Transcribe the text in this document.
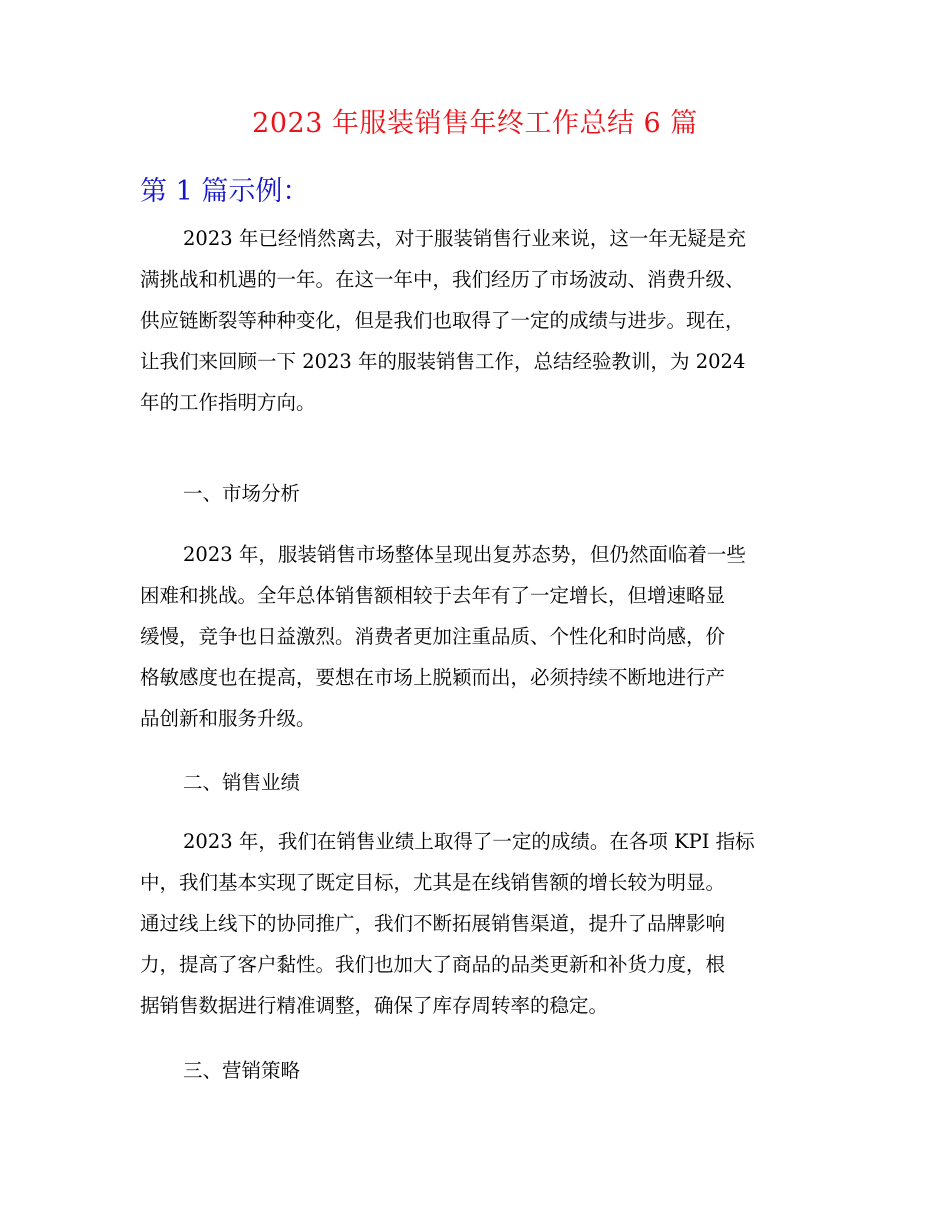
2023 年服装销售年终工作总结 6 篇
第 1 篇示例：
2023 年已经悄然离去，对于服装销售行业来说，这一年无疑是充
满挑战和机遇的一年。在这一年中，我们经历了市场波动、消费升级、
供应链断裂等种种变化，但是我们也取得了一定的成绩与进步。现在，
让我们来回顾一下 2023 年的服装销售工作，总结经验教训，为 2024
年的工作指明方向。
一、市场分析
2023 年，服装销售市场整体呈现出复苏态势，但仍然面临着一些
困难和挑战。全年总体销售额相较于去年有了一定增长，但增速略显
缓慢，竞争也日益激烈。消费者更加注重品质、个性化和时尚感，价
格敏感度也在提高，要想在市场上脱颖而出，必须持续不断地进行产
品创新和服务升级。
二、销售业绩
2023 年，我们在销售业绩上取得了一定的成绩。在各项 KPI 指标
中，我们基本实现了既定目标，尤其是在线销售额的增长较为明显。
通过线上线下的协同推广，我们不断拓展销售渠道，提升了品牌影响
力，提高了客户黏性。我们也加大了商品的品类更新和补货力度，根
据销售数据进行精准调整，确保了库存周转率的稳定。
三、营销策略
